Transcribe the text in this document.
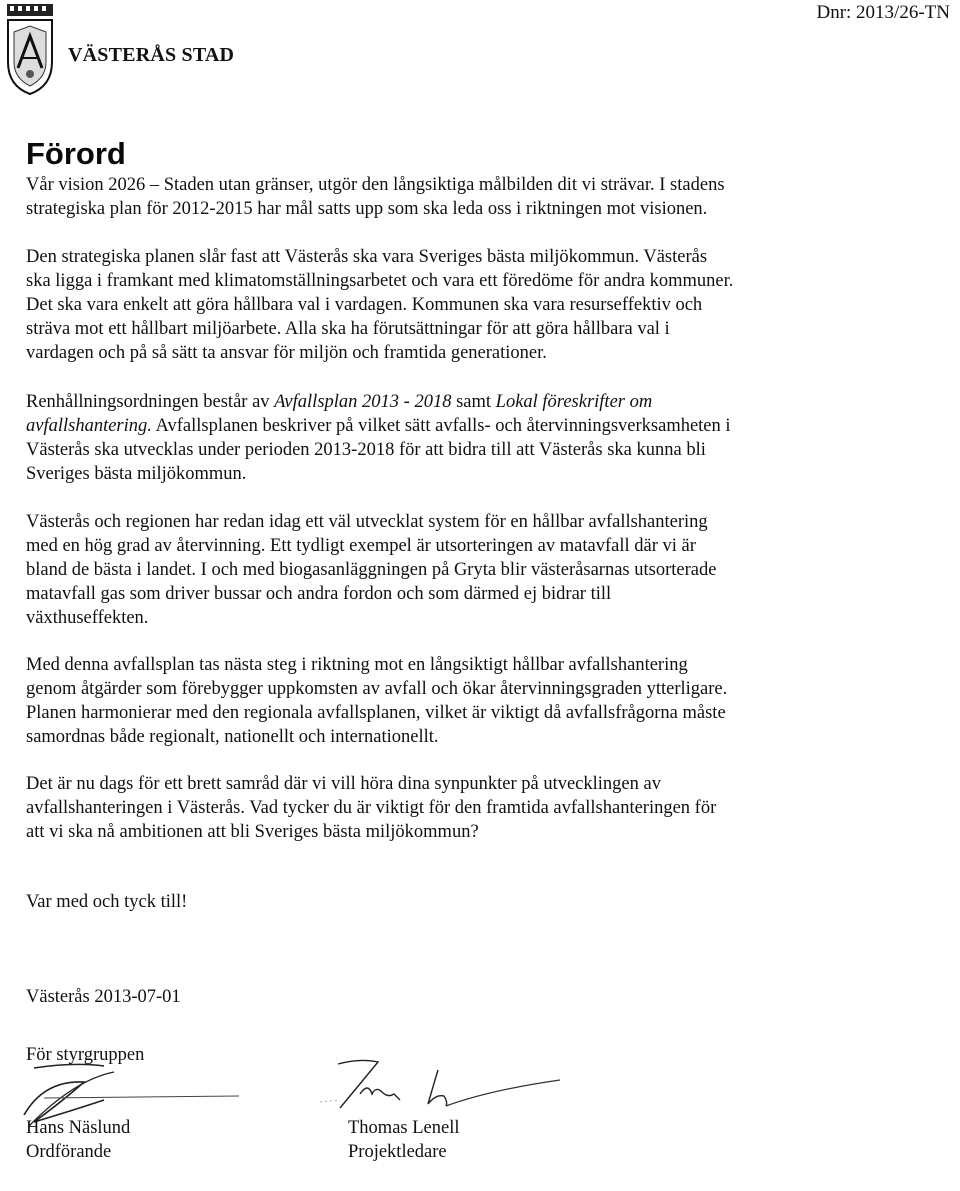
VÄSTERÅS STAD
Dnr: 2013/26-TN
Förord
Vår vision 2026 – Staden utan gränser, utgör den långsiktiga målbilden dit vi strävar. I stadens
strategiska plan för 2012-2015 har mål satts upp som ska leda oss i riktningen mot visionen.
Den strategiska planen slår fast att Västerås ska vara Sveriges bästa miljökommun. Västerås
ska ligga i framkant med klimatomställningsarbetet och vara ett föredöme för andra kommuner.
Det ska vara enkelt att göra hållbara val i vardagen. Kommunen ska vara resurseffektiv och
sträva mot ett hållbart miljöarbete. Alla ska ha förutsättningar för att göra hållbara val i
vardagen och på så sätt ta ansvar för miljön och framtida generationer.
Renhållningsordningen består av Avfallsplan 2013 - 2018 samt Lokal föreskrifter om
avfallshantering. Avfallsplanen beskriver på vilket sätt avfalls- och återvinningsverksamheten i
Västerås ska utvecklas under perioden 2013-2018 för att bidra till att Västerås ska kunna bli
Sveriges bästa miljökommun.
Västerås och regionen har redan idag ett väl utvecklat system för en hållbar avfallshantering
med en hög grad av återvinning. Ett tydligt exempel är utsorteringen av matavfall där vi är
bland de bästa i landet. I och med biogasanläggningen på Gryta blir västeråsarnas utsorterade
matavfall gas som driver bussar och andra fordon och som därmed ej bidrar till
växthuseffekten.
Med denna avfallsplan tas nästa steg i riktning mot en långsiktigt hållbar avfallshantering
genom åtgärder som förebygger uppkomsten av avfall och ökar återvinningsgraden ytterligare.
Planen harmonierar med den regionala avfallsplanen, vilket är viktigt då avfallsfrågorna måste
samordnas både regionalt, nationellt och internationellt.
Det är nu dags för ett brett samråd där vi vill höra dina synpunkter på utvecklingen av
avfallshanteringen i Västerås. Vad tycker du är viktigt för den framtida avfallshanteringen för
att vi ska nå ambitionen att bli Sveriges bästa miljökommun?
Var med och tyck till!
Västerås 2013-07-01
För styrgruppen
Hans Näslund
Ordförande
Thomas Lenell
Projektledare
